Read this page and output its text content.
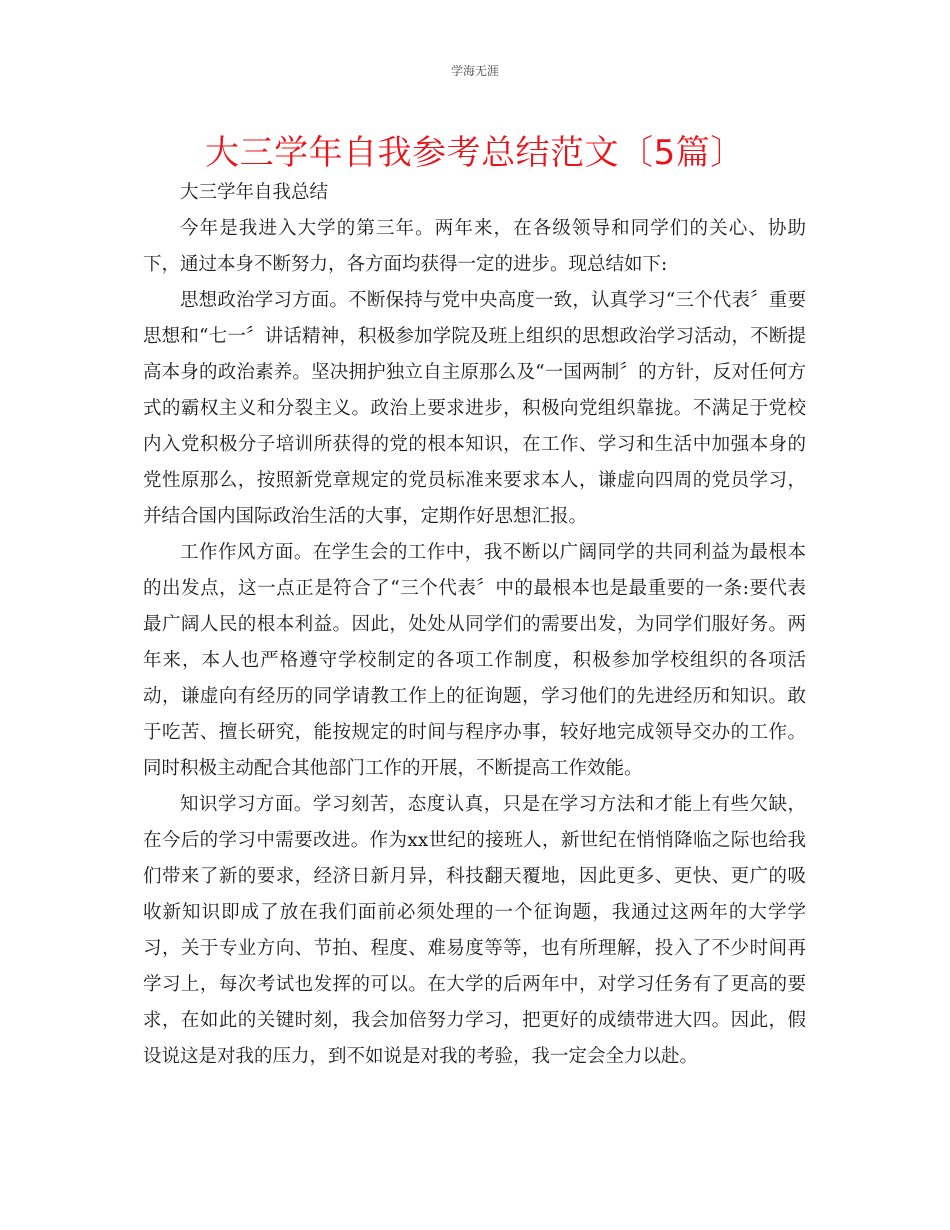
学海无涯
大三学年自我参考总结范文〔5篇〕

大三学年自我总结

今年是我进入大学的第三年。两年来，在各级领导和同学们的关心、协助下，通过本身不断努力，各方面均获得一定的进步。现总结如下:

思想政治学习方面。不断保持与党中央高度一致，认真学习“三个代表〞重要思想和“七一〞讲话精神，积极参加学院及班上组织的思想政治学习活动，不断提高本身的政治素养。坚决拥护独立自主原那么及“一国两制〞的方针，反对任何方式的霸权主义和分裂主义。政治上要求进步，积极向党组织靠拢。不满足于党校内入党积极分子培训所获得的党的根本知识，在工作、学习和生活中加强本身的党性原那么，按照新党章规定的党员标准来要求本人，谦虚向四周的党员学习，并结合国内国际政治生活的大事，定期作好思想汇报。

工作作风方面。在学生会的工作中，我不断以广阔同学的共同利益为最根本的出发点，这一点正是符合了“三个代表〞中的最根本也是最重要的一条:要代表最广阔人民的根本利益。因此，处处从同学们的需要出发，为同学们服好务。两年来，本人也严格遵守学校制定的各项工作制度，积极参加学校组织的各项活动，谦虚向有经历的同学请教工作上的征询题，学习他们的先进经历和知识。敢于吃苦、擅长研究，能按规定的时间与程序办事，较好地完成领导交办的工作。同时积极主动配合其他部门工作的开展，不断提高工作效能。

知识学习方面。学习刻苦，态度认真，只是在学习方法和才能上有些欠缺，在今后的学习中需要改进。作为xx世纪的接班人，新世纪在悄悄降临之际也给我们带来了新的要求，经济日新月异，科技翻天覆地，因此更多、更快、更广的吸收新知识即成了放在我们面前必须处理的一个征询题，我通过这两年的大学学习，关于专业方向、节拍、程度、难易度等等，也有所理解，投入了不少时间再学习上，每次考试也发挥的可以。在大学的后两年中，对学习任务有了更高的要求，在如此的关键时刻，我会加倍努力学习，把更好的成绩带进大四。因此，假设说这是对我的压力，到不如说是对我的考验，我一定会全力以赴。
